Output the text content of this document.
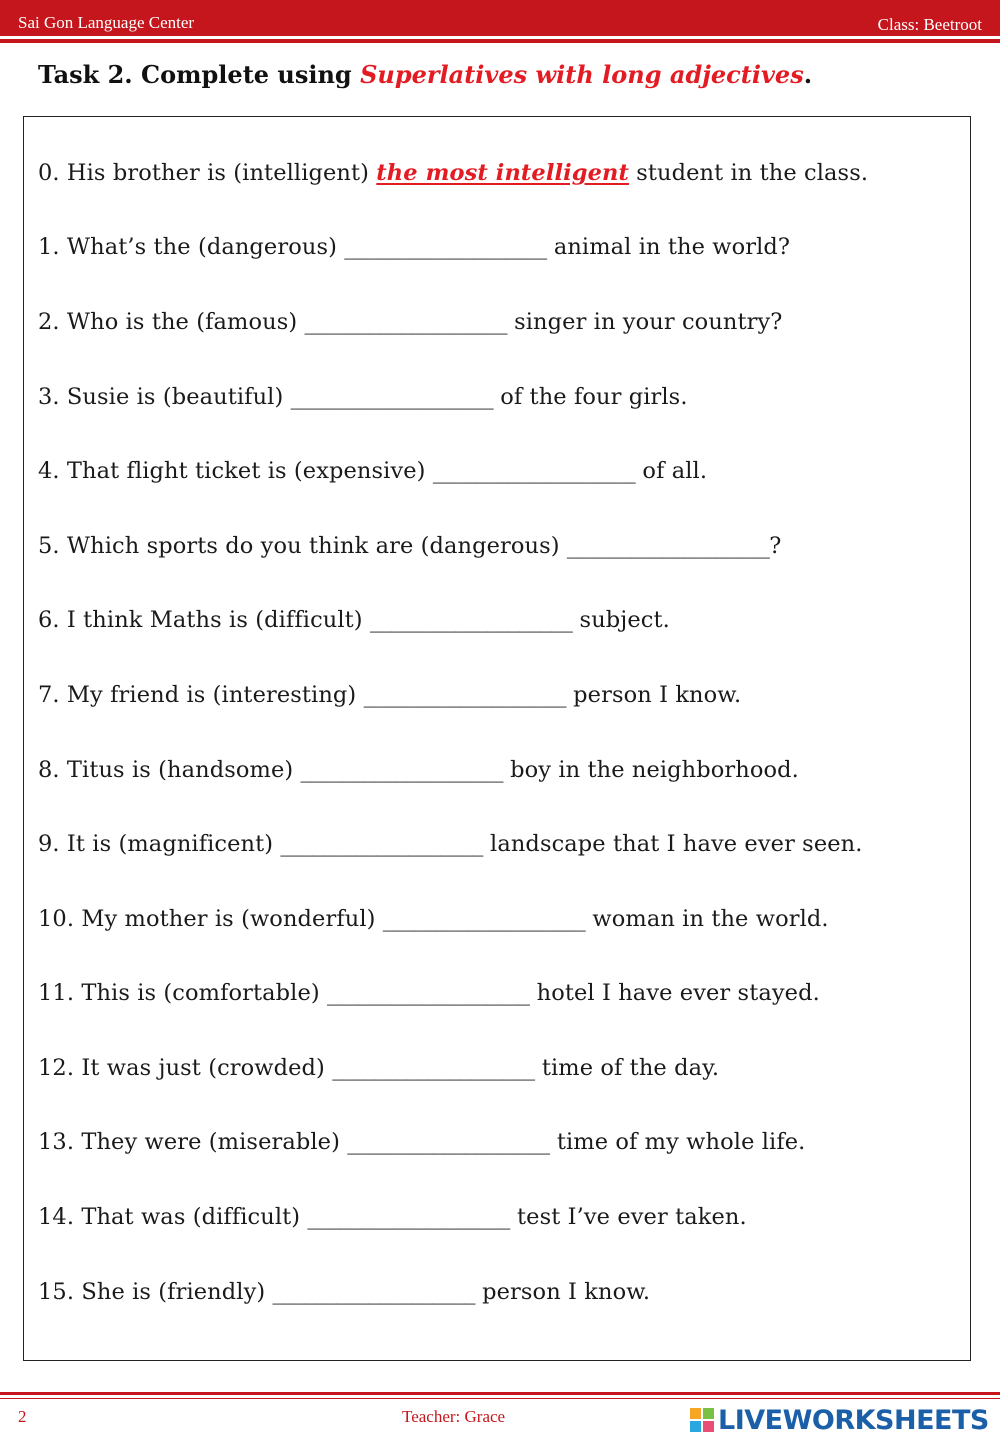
Sai Gon Language Center	Class: Beetroot
Task 2. Complete using Superlatives with long adjectives.
0. His brother is (intelligent) the most intelligent student in the class.
1. What’s the (dangerous) ___________________ animal in the world?
2. Who is the (famous) ___________________ singer in your country?
3. Susie is (beautiful) ___________________ of the four girls.
4. That flight ticket is (expensive) ___________________ of all.
5. Which sports do you think are (dangerous) ___________________?
6. I think Maths is (difficult) ___________________ subject.
7. My friend is (interesting) ___________________ person I know.
8. Titus is (handsome) ___________________ boy in the neighborhood.
9. It is (magnificent) ___________________ landscape that I have ever seen.
10. My mother is (wonderful) ___________________ woman in the world.
11. This is (comfortable) ___________________ hotel I have ever stayed.
12. It was just (crowded) ___________________ time of the day.
13. They were (miserable) ___________________ time of my whole life.
14. That was (difficult) ___________________ test I’ve ever taken.
15. She is (friendly) ___________________ person I know.
2	Teacher: Grace	LIVEWORKSHEETS
